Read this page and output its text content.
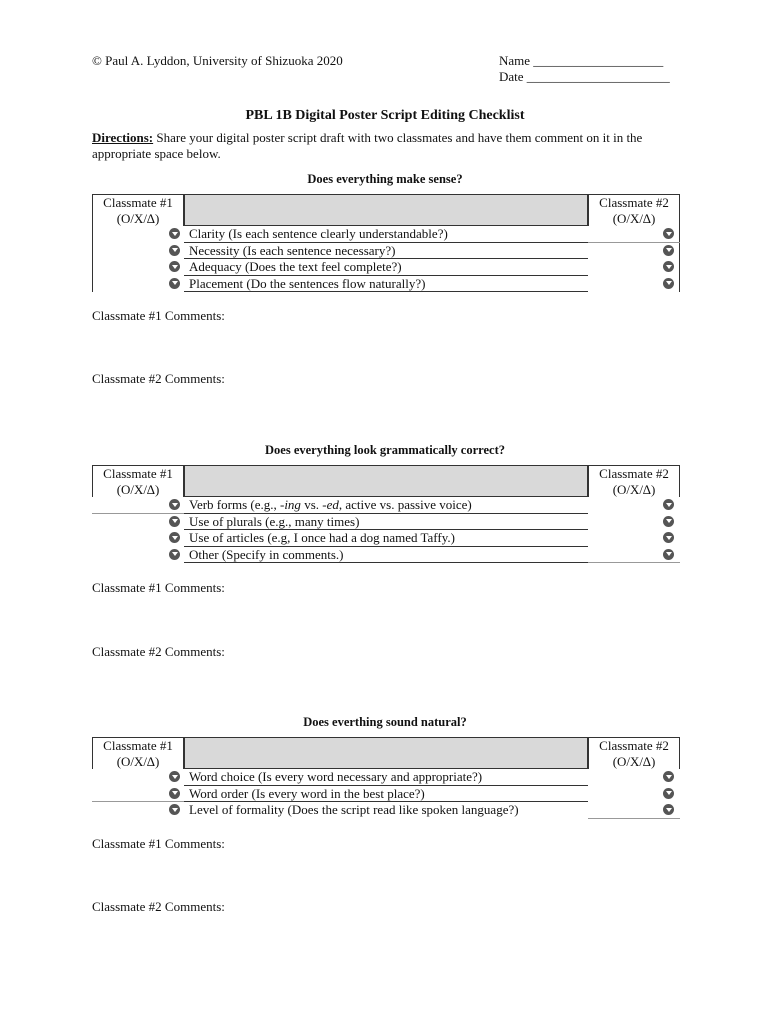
© Paul A. Lyddon, University of Shizuoka 2020	Name ____________________
Date ______________________
PBL 1B Digital Poster Script Editing Checklist
Directions: Share your digital poster script draft with two classmates and have them comment on it in the appropriate space below.
Does everything make sense?
Classmate #1
(O/X/∆)
Classmate #2
(O/X/∆)
Clarity (Is each sentence clearly understandable?)
Necessity (Is each sentence necessary?)
Adequacy (Does the text feel complete?)
Placement (Do the sentences flow naturally?)
Classmate #1 Comments:
Classmate #2 Comments:
Does everything look grammatically correct?
Classmate #1
(O/X/∆)
Classmate #2
(O/X/∆)
Verb forms (e.g., -ing vs. -ed, active vs. passive voice)
Use of plurals (e.g., many times)
Use of articles (e.g, I once had a dog named Taffy.)
Other (Specify in comments.)
Classmate #1 Comments:
Classmate #2 Comments:
Does everthing sound natural?
Classmate #1
(O/X/∆)
Classmate #2
(O/X/∆)
Word choice (Is every word necessary and appropriate?)
Word order (Is every word in the best place?)
Level of formality (Does the script read like spoken language?)
Classmate #1 Comments:
Classmate #2 Comments:
